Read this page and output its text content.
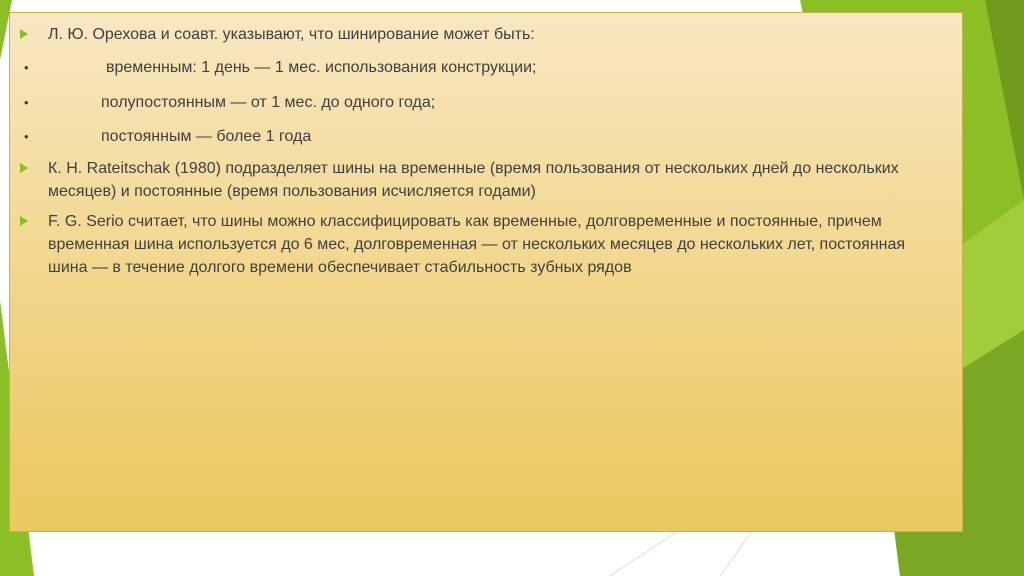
Л. Ю. Орехова и соавт. указывают, что шинирование может быть:
•	временным: 1 день — 1 мес. использования конструкции;
•	полупостоянным — от 1 мес. до одного года;
•	постоянным — более 1 года
К. Н. Rateitschak (1980) подразделяет шины на временные (время пользования от нескольких дней до нескольких месяцев) и постоянные (время пользования исчисляется годами)
F. G. Serio считает, что шины можно классифицировать как временные, долговременные и постоянные, причем временная шина используется до 6 мес, долговременная — от нескольких месяцев до нескольких лет, постоянная шина — в течение долгого времени обеспечивает стабильность зубных рядов
